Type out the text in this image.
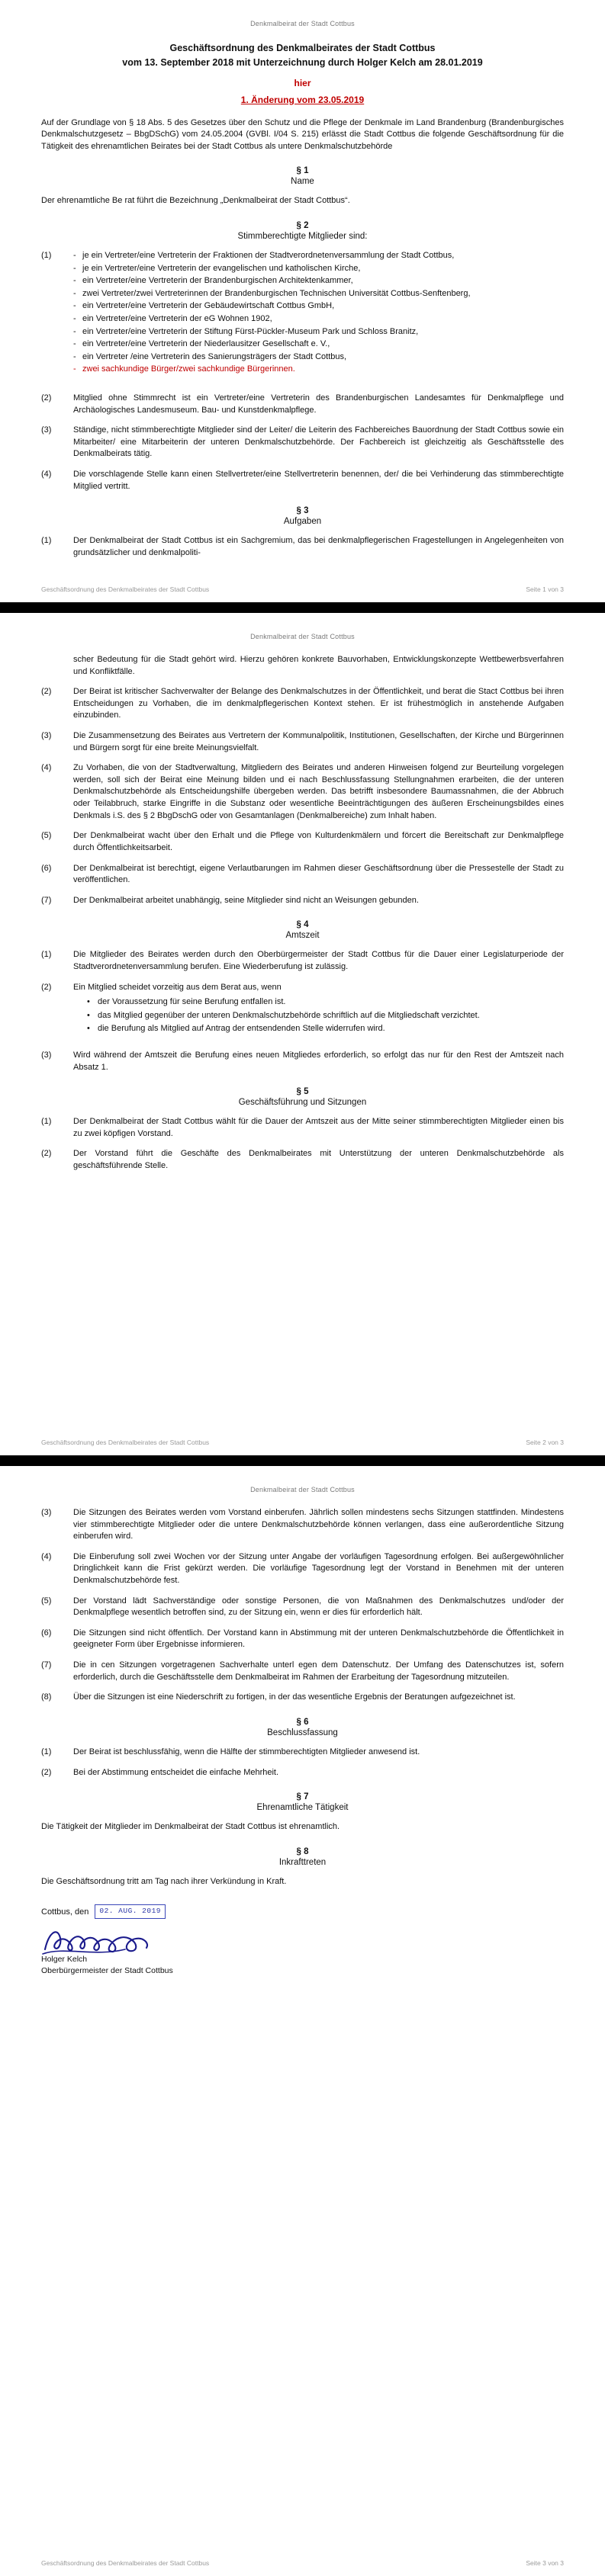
Denkmalbeirat der Stadt Cottbus
Geschäftsordnung des Denkmalbeirates der Stadt Cottbus
vom 13. September 2018 mit Unterzeichnung durch Holger Kelch am 28.01.2019
hier
1. Änderung vom 23.05.2019

Auf der Grundlage von § 18 Abs. 5 des Gesetzes über den Schutz und die Pflege der Denkmale im Land Brandenburg (Brandenburgisches Denkmalschutzgesetz – BbgDSchG) vom 24.05.2004 (GVBl. I/04 S. 215) erlässt die Stadt Cottbus die folgende Geschäftsordnung für die Tätigkeit des ehrenamtlichen Beirates bei der Stadt Cottbus als untere Denkmalschutzbehörde

§ 1
Name

Der ehrenamtliche Be rat führt die Bezeichnung „Denkmalbeirat der Stadt Cottbus“.

§ 2
Stimmberechtigte Mitglieder sind:
(1)	- je ein Vertreter/eine Vertreterin der Fraktionen der Stadtverordnetenversammlung der Stadt Cottbus,
- je ein Vertreter/eine Vertreterin der evangelischen und katholischen Kirche,
- ein Vertreter/eine Vertreterin der Brandenburgischen Architektenkammer,
- zwei Vertreter/zwei Vertreterinnen der Brandenburgischen Technischen Universität Cottbus-Senftenberg,
- ein Vertreter/eine Vertreterin der Gebäudewirtschaft Cottbus GmbH,
- ein Vertreter/eine Vertreterin der eG Wohnen 1902,
- ein Vertreter/eine Vertreterin der Stiftung Fürst-Pückler-Museum Park und Schloss Branitz,
- ein Vertreter/eine Vertreterin der Niederlausitzer Gesellschaft e. V.,
- ein Vertreter /eine Vertreterin des Sanierungsträgers der Stadt Cottbus,
- zwei sachkundige Bürger/zwei sachkundige Bürgerinnen.
(2)	Mitglied ohne Stimmrecht ist ein Vertreter/eine Vertreterin des Brandenburgischen Landesamtes für Denkmalpflege und Archäologisches Landesmuseum. Bau- und Kunstdenkmalpflege.
(3)	Ständige, nicht stimmberechtigte Mitglieder sind der Leiter/ die Leiterin des Fachbereiches Bauordnung der Stadt Cottbus sowie ein Mitarbeiter/ eine Mitarbeiterin der unteren Denkmalschutzbehörde. Der Fachbereich ist gleichzeitig als Geschäftsstelle des Denkmalbeirats tätig.
(4)	Die vorschlagende Stelle kann einen Stellvertreter/eine Stellvertreterin benennen, der/ die bei Verhinderung das stimmberechtigte Mitglied vertritt.
§ 3
Aufgaben
(1)	Der Denkmalbeirat der Stadt Cottbus ist ein Sachgremium, das bei denkmalpflegerischen Fragestellungen in Angelegenheiten von grundsätzlicher und denkmalpoliti-
Geschäftsordnung des Denkmalbeirates der Stadt Cottbus	Seite 1 von 3
Denkmalbeirat der Stadt Cottbus
scher Bedeutung für die Stadt gehört wird. Hierzu gehören konkrete Bauvorhaben, Entwicklungskonzepte Wettbewerbsverfahren und Konfliktfälle.
(2)	Der Beirat ist kritischer Sachverwalter der Belange des Denkmalschutzes in der Öffentlichkeit, und berat die Stact Cottbus bei ihren Entscheidungen zu Vorhaben, die im denkmalpflegerischen Kontext stehen. Er ist frühestmöglich in anstehende Aufgaben einzubinden.
(3)	Die Zusammensetzung des Beirates aus Vertretern der Kommunalpolitik, Institutionen, Gesellschaften, der Kirche und Bürgerinnen und Bürgern sorgt für eine breite Meinungsvielfalt.
(4)	Zu Vorhaben, die von der Stadtverwaltung, Mitgliedern des Beirates und anderen Hinweisen folgend zur Beurteilung vorgelegen werden, soll sich der Beirat eine Meinung bilden und ei nach Beschlussfassung Stellungnahmen erarbeiten, die der unteren Denkmalschutzbehörde als Entscheidungshilfe übergeben werden. Das betrifft insbesondere Baumassnahmen, die der Abbruch oder Teilabbruch, starke Eingriffe in die Substanz oder wesentliche Beeinträchtigungen des äußeren Erscheinungsbildes eines Denkmals i.S. des § 2 BbgDschG oder von Gesamtanlagen (Denkmalbereiche) zum Inhalt haben.
(5)	Der Denkmalbeirat wacht über den Erhalt und die Pflege von Kulturdenkmälern und förcert die Bereitschaft zur Denkmalpflege durch Öffentlichkeitsarbeit.
(6)	Der Denkmalbeirat ist berechtigt, eigene Verlautbarungen im Rahmen dieser Geschäftsordnung über die Pressestelle der Stadt zu veröffentlichen.
(7)	Der Denkmalbeirat arbeitet unabhängig, seine Mitglieder sind nicht an Weisungen gebunden.
§ 4
Amtszeit
(1)	Die Mitglieder des Beirates werden durch den Oberbürgermeister der Stadt Cottbus für die Dauer einer Legislaturperiode der Stadtverordnetenversammlung berufen. Eine Wiederberufung ist zulässig.
(2)	Ein Mitglied scheidet vorzeitig aus dem Berat aus, wenn
• der Voraussetzung für seine Berufung entfallen ist.
• das Mitglied gegenüber der unteren Denkmalschutzbehörde schriftlich auf die Mitgliedschaft verzichtet.
• die Berufung als Mitglied auf Antrag der entsendenden Stelle widerrufen wird.
(3)	Wird während der Amtszeit die Berufung eines neuen Mitgliedes erforderlich, so erfolgt das nur für den Rest der Amtszeit nach Absatz 1.
§ 5
Geschäftsführung und Sitzungen
(1)	Der Denkmalbeirat der Stadt Cottbus wählt für die Dauer der Amtszeit aus der Mitte seiner stimmberechtigten Mitglieder einen bis zu zwei köpfigen Vorstand.
(2)	Der Vorstand führt die Geschäfte des Denkmalbeirates mit Unterstützung der unteren Denkmalschutzbehörde als geschäftsführende Stelle.
Geschäftsordnung des Denkmalbeirates der Stadt Cottbus	Seite 2 von 3
Denkmalbeirat der Stadt Cottbus
(3)	Die Sitzungen des Beirates werden vom Vorstand einberufen. Jährlich sollen mindestens sechs Sitzungen stattfinden. Mindestens vier stimmberechtigte Mitglieder oder die untere Denkmalschutzbehörde können verlangen, dass eine außerordentliche Sitzung einberufen wird.
(4)	Die Einberufung soll zwei Wochen vor der Sitzung unter Angabe der vorläufigen Tagesordnung erfolgen. Bei außergewöhnlicher Dringlichkeit kann die Frist gekürzt werden. Die vorläufige Tagesordnung legt der Vorstand in Benehmen mit der unteren Denkmalschutzbehörde fest.
(5)	Der Vorstand lädt Sachverständige oder sonstige Personen, die von Maßnahmen des Denkmalschutzes und/oder der Denkmalpflege wesentlich betroffen sind, zu der Sitzung ein, wenn er dies für erforderlich hält.
(6)	Die Sitzungen sind nicht öffentlich. Der Vorstand kann in Abstimmung mit der unteren Denkmalschutzbehörde die Öffentlichkeit in geeigneter Form über Ergebnisse informieren.
(7)	Die in cen Sitzungen vorgetragenen Sachverhalte unterl egen dem Datenschutz. Der Umfang des Datenschutzes ist, sofern erforderlich, durch die Geschäftsstelle dem Denkmalbeirat im Rahmen der Erarbeitung der Tagesordnung mitzuteilen.
(8)	Über die Sitzungen ist eine Niederschrift zu fortigen, in der das wesentliche Ergebnis der Beratungen aufgezeichnet ist.
§ 6
Beschlussfassung
(1)	Der Beirat ist beschlussfähig, wenn die Hälfte der stimmberechtigten Mitglieder anwesend ist.
(2)	Bei der Abstimmung entscheidet die einfache Mehrheit.
§ 7
Ehrenamtliche Tätigkeit

Die Tätigkeit der Mitglieder im Denkmalbeirat der Stadt Cottbus ist ehrenamtlich.

§ 8
Inkrafttreten

Die Geschäftsordnung tritt am Tag nach ihrer Verkündung in Kraft.

Cottbus, den	02. AUG. 2019
Holger Kelch
Oberbürgermeister der Stadt Cottbus
Geschäftsordnung des Denkmalbeirates der Stadt Cottbus	Seite 3 von 3
